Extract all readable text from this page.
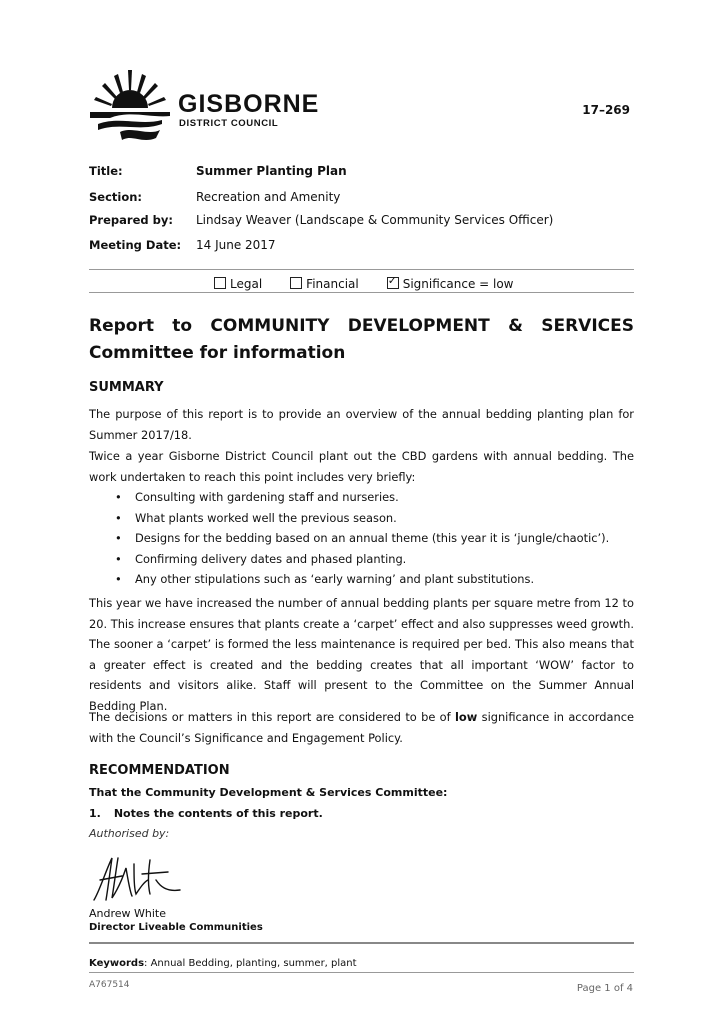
GISBORNE
DISTRICT COUNCIL
17–269
Title:	Summer Planting Plan
Section:	Recreation and Amenity
Prepared by:	Lindsay Weaver (Landscape & Community Services Officer)
Meeting Date:	14 June 2017
Legal	Financial
✓	Significance = low
Report to COMMUNITY DEVELOPMENT & SERVICES Committee for information
SUMMARY
The purpose of this report is to provide an overview of the annual bedding planting plan for Summer 2017/18.
Twice a year Gisborne District Council plant out the CBD gardens with annual bedding. The work undertaken to reach this point includes very briefly:
• Consulting with gardening staff and nurseries.
• What plants worked well the previous season.
• Designs for the bedding based on an annual theme (this year it is ‘jungle/chaotic’).
• Confirming delivery dates and phased planting.
• Any other stipulations such as ‘early warning’ and plant substitutions.
This year we have increased the number of annual bedding plants per square metre from 12 to 20. This increase ensures that plants create a ‘carpet’ effect and also suppresses weed growth. The sooner a ‘carpet’ is formed the less maintenance is required per bed. This also means that a greater effect is created and the bedding creates that all important ‘WOW’ factor to residents and visitors alike. Staff will present to the Committee on the Summer Annual Bedding Plan.
The decisions or matters in this report are considered to be of low significance in accordance with the Council’s Significance and Engagement Policy.
RECOMMENDATION
That the Community Development & Services Committee:
1. Notes the contents of this report.
Authorised by:
Andrew White
Director Liveable Communities
Keywords: Annual Bedding, planting, summer, plant
A767514	Page 1 of 4
